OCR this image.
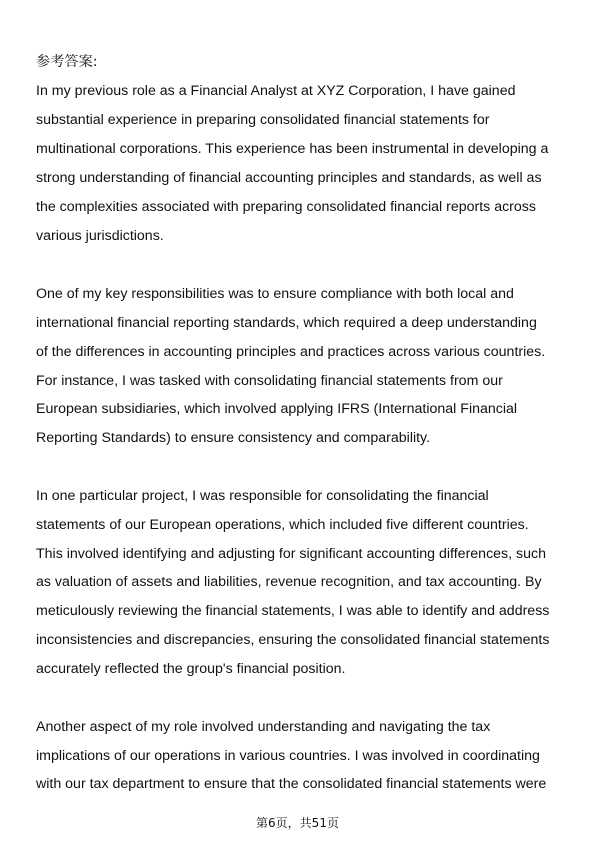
参考答案:
In my previous role as a Financial Analyst at XYZ Corporation, I have gained
substantial experience in preparing consolidated financial statements for
multinational corporations. This experience has been instrumental in developing a
strong understanding of financial accounting principles and standards, as well as
the complexities associated with preparing consolidated financial reports across
various jurisdictions.
One of my key responsibilities was to ensure compliance with both local and
international financial reporting standards, which required a deep understanding
of the differences in accounting principles and practices across various countries.
For instance, I was tasked with consolidating financial statements from our
European subsidiaries, which involved applying IFRS (International Financial
Reporting Standards) to ensure consistency and comparability.
In one particular project, I was responsible for consolidating the financial
statements of our European operations, which included five different countries.
This involved identifying and adjusting for significant accounting differences, such
as valuation of assets and liabilities, revenue recognition, and tax accounting. By
meticulously reviewing the financial statements, I was able to identify and address
inconsistencies and discrepancies, ensuring the consolidated financial statements
accurately reflected the group's financial position.
Another aspect of my role involved understanding and navigating the tax
implications of our operations in various countries. I was involved in coordinating
with our tax department to ensure that the consolidated financial statements were
第6页，共51页
